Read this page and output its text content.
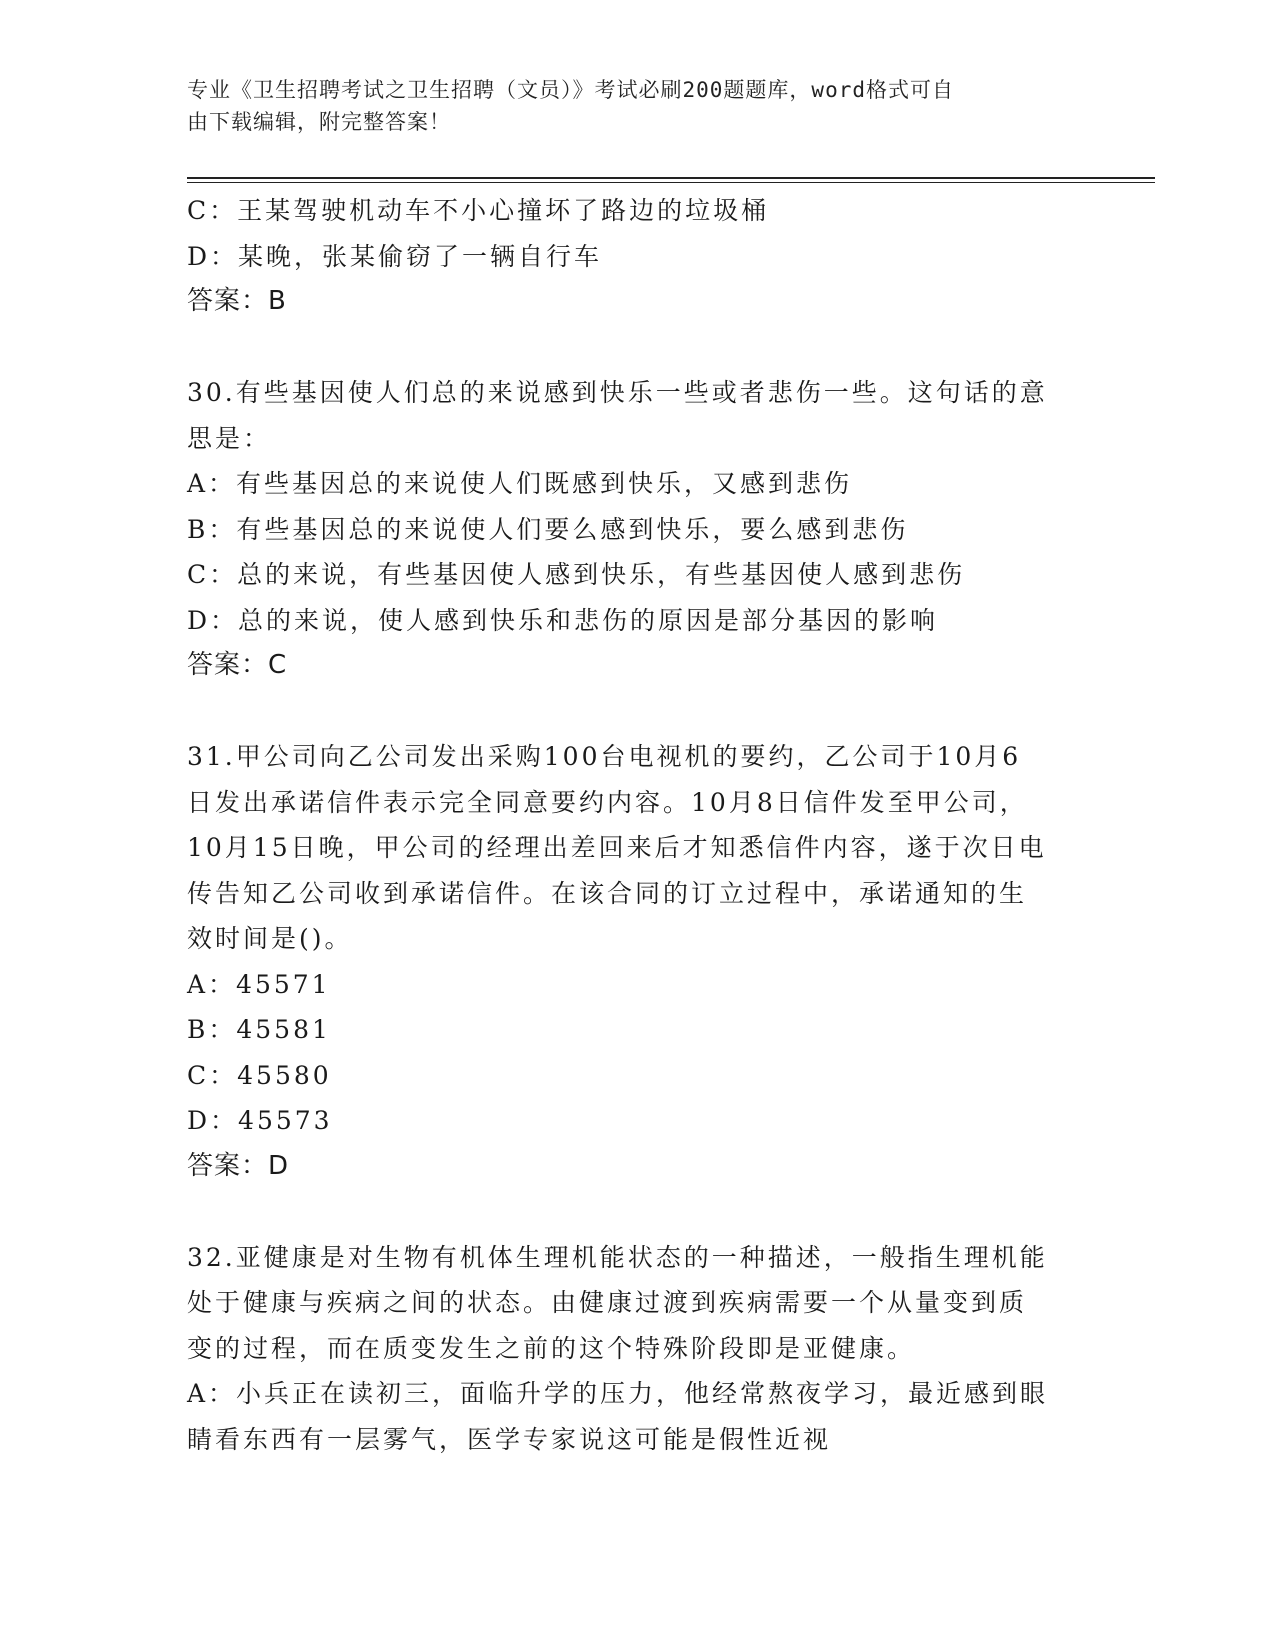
专业《卫生招聘考试之卫生招聘（文员）》考试必刷200题题库，word格式可自
由下载编辑，附完整答案！
C：王某驾驶机动车不小心撞坏了路边的垃圾桶
D：某晚，张某偷窃了一辆自行车
答案：B
30.有些基因使人们总的来说感到快乐一些或者悲伤一些。这句话的意
思是：
A：有些基因总的来说使人们既感到快乐，又感到悲伤
B：有些基因总的来说使人们要么感到快乐，要么感到悲伤
C：总的来说，有些基因使人感到快乐，有些基因使人感到悲伤
D：总的来说，使人感到快乐和悲伤的原因是部分基因的影响
答案：C
31.甲公司向乙公司发出采购100台电视机的要约，乙公司于10月6
日发出承诺信件表示完全同意要约内容。10月8日信件发至甲公司，
10月15日晚，甲公司的经理出差回来后才知悉信件内容，遂于次日电
传告知乙公司收到承诺信件。在该合同的订立过程中，承诺通知的生
效时间是()。
A：45571
B：45581
C：45580
D：45573
答案：D
32.亚健康是对生物有机体生理机能状态的一种描述，一般指生理机能
处于健康与疾病之间的状态。由健康过渡到疾病需要一个从量变到质
变的过程，而在质变发生之前的这个特殊阶段即是亚健康。
A：小兵正在读初三，面临升学的压力，他经常熬夜学习，最近感到眼
睛看东西有一层雾气，医学专家说这可能是假性近视
